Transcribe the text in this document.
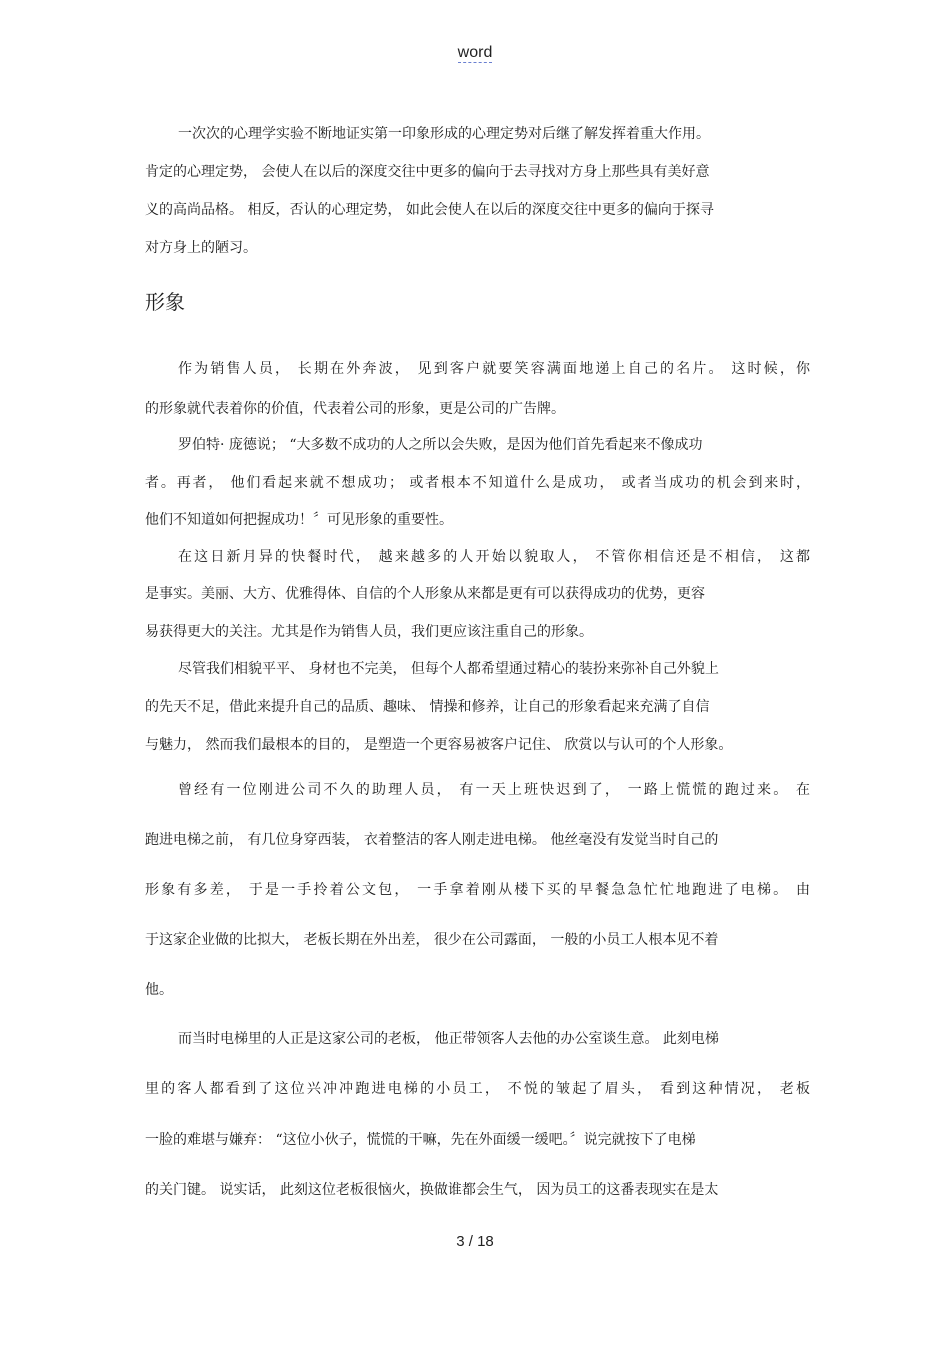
word
一次次的心理学实验不断地证实第一印象形成的心理定势对后继了解发挥着重大作用。
肯定的心理定势， 会使人在以后的深度交往中更多的偏向于去寻找对方身上那些具有美好意
义的高尚品格。 相反，否认的心理定势， 如此会使人在以后的深度交往中更多的偏向于探寻
对方身上的陋习。
形象
作为销售人员， 长期在外奔波， 见到客户就要笑容满面地递上自己的名片。 这时候，你
的形象就代表着你的价值，代表着公司的形象，更是公司的广告牌。
罗伯特· 庞德说； “大多数不成功的人之所以会失败，是因为他们首先看起来不像成功
者。再者， 他们看起来就不想成功； 或者根本不知道什么是成功， 或者当成功的机会到来时，
他们不知道如何把握成功！〞可见形象的重要性。
在这日新月异的快餐时代， 越来越多的人开始以貌取人， 不管你相信还是不相信， 这都
是事实。美丽、大方、优雅得体、自信的个人形象从来都是更有可以获得成功的优势，更容
易获得更大的关注。尤其是作为销售人员，我们更应该注重自己的形象。
尽管我们相貌平平、 身材也不完美， 但每个人都希望通过精心的装扮来弥补自己外貌上
的先天不足，借此来提升自己的品质、趣味、 情操和修养，让自己的形象看起来充满了自信
与魅力， 然而我们最根本的目的， 是塑造一个更容易被客户记住、 欣赏以与认可的个人形象。
曾经有一位刚进公司不久的助理人员， 有一天上班快迟到了， 一路上慌慌的跑过来。 在
跑进电梯之前， 有几位身穿西装， 衣着整洁的客人刚走进电梯。 他丝毫没有发觉当时自己的
形象有多差， 于是一手拎着公文包， 一手拿着刚从楼下买的早餐急急忙忙地跑进了电梯。 由
于这家企业做的比拟大， 老板长期在外出差， 很少在公司露面， 一般的小员工人根本见不着
他。
而当时电梯里的人正是这家公司的老板， 他正带领客人去他的办公室谈生意。 此刻电梯
里的客人都看到了这位兴冲冲跑进电梯的小员工， 不悦的皱起了眉头， 看到这种情况， 老板
一脸的难堪与嫌弃： “这位小伙子，慌慌的干嘛，先在外面缓一缓吧。〞说完就按下了电梯
的关门键。 说实话， 此刻这位老板很恼火，换做谁都会生气， 因为员工的这番表现实在是太
3 / 18
